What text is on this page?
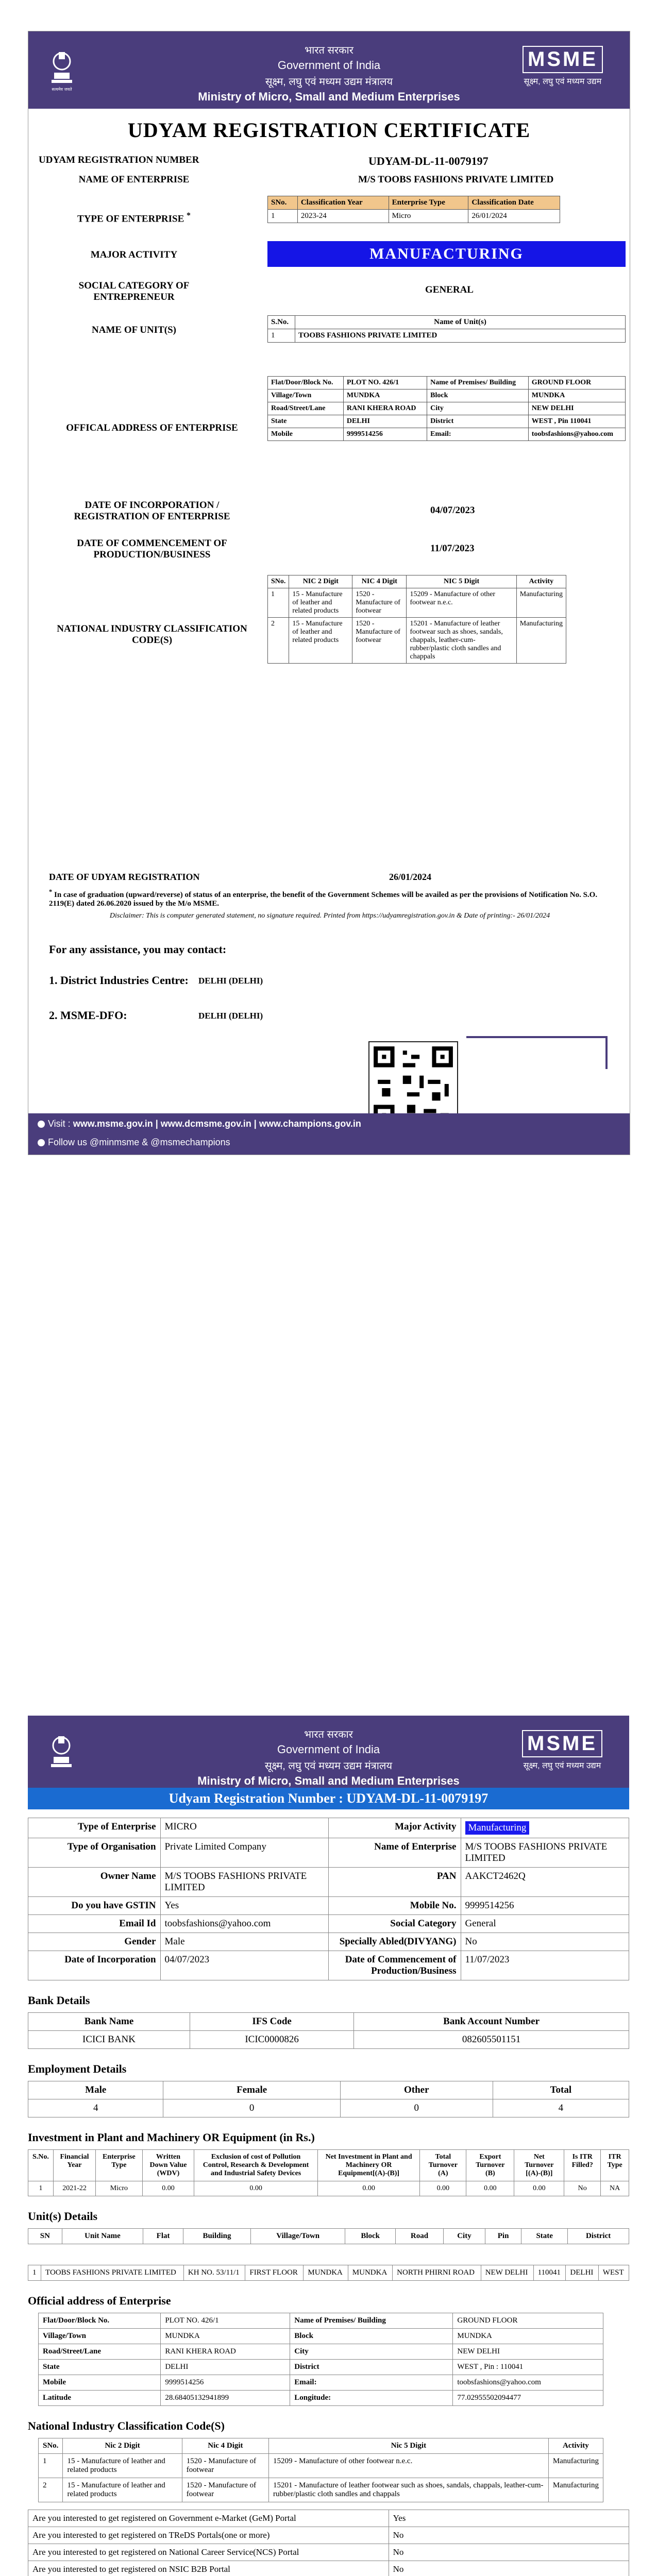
सत्यमेव जयते
भारत सरकार
Government of India
सूक्ष्म, लघु एवं मध्यम उद्यम मंत्रालय
Ministry of Micro, Small and Medium Enterprises
MSME
सूक्ष्म, लघु एवं मध्यम उद्यम
UDYAM REGISTRATION CERTIFICATE
UDYAM REGISTRATION NUMBER	UDYAM-DL-11-0079197
NAME OF ENTERPRISE	M/S TOOBS FASHIONS PRIVATE LIMITED
TYPE OF ENTERPRISE *
SNo.	Classification Year	Enterprise Type	Classification Date
1	2023-24	Micro	26/01/2024
MAJOR ACTIVITY	MANUFACTURING
SOCIAL CATEGORY OF ENTREPRENEUR
GENERAL
NAME OF UNIT(S)
S.No.	Name of Unit(s)
1	TOOBS FASHIONS PRIVATE LIMITED
OFFICAL ADDRESS OF ENTERPRISE
Flat/Door/Block No.	PLOT NO. 426/1	Name of Premises/ Building	GROUND FLOOR
Village/Town	MUNDKA	Block	MUNDKA
Road/Street/Lane	RANI KHERA ROAD	City	NEW DELHI
State	DELHI	District	WEST , Pin 110041
Mobile	9999514256	Email:	toobsfashions@yahoo.com
DATE OF INCORPORATION / REGISTRATION OF ENTERPRISE
04/07/2023
DATE OF COMMENCEMENT OF PRODUCTION/BUSINESS
11/07/2023
NATIONAL INDUSTRY CLASSIFICATION CODE(S)
SNo.	NIC 2 Digit	NIC 4 Digit	NIC 5 Digit	Activity
1	15 - Manufacture of leather and related products	1520 - Manufacture of footwear	15209 - Manufacture of other footwear n.e.c.	Manufacturing
2	15 - Manufacture of leather and related products	1520 - Manufacture of footwear	15201 - Manufacture of leather footwear such as shoes, sandals, chappals, leather-cum-rubber/plastic cloth sandles and chappals	Manufacturing
DATE OF UDYAM REGISTRATION	26/01/2024
* In case of graduation (upward/reverse) of status of an enterprise, the benefit of the Government Schemes will be availed as per the provisions of Notification No. S.O. 2119(E) dated 26.06.2020 issued by the M/o MSME.
Disclaimer: This is computer generated statement, no signature required. Printed from https://udyamregistration.gov.in & Date of printing:- 26/01/2024
For any assistance, you may contact:
1. District Industries Centre: DELHI (DELHI)
2. MSME-DFO:	DELHI (DELHI)
Visit : www.msme.gov.in | www.dcmsme.gov.in | www.champions.gov.in
Follow us @minmsme & @msmechampions
भारत सरकार
Government of India
सूक्ष्म, लघु एवं मध्यम उद्यम मंत्रालय
Ministry of Micro, Small and Medium Enterprises
MSME
सूक्ष्म, लघु एवं मध्यम उद्यम
Udyam Registration Number : UDYAM-DL-11-0079197
Type of Enterprise	MICRO	Major Activity	Manufacturing
Type of Organisation	Private Limited Company	Name of Enterprise	M/S TOOBS FASHIONS PRIVATE LIMITED
Owner Name	M/S TOOBS FASHIONS PRIVATE LIMITED	PAN	AAKCT2462Q
Do you have GSTIN	Yes	Mobile No.	9999514256
Email Id	toobsfashions@yahoo.com	Social Category	General
Gender	Male	Specially Abled(DIVYANG)	No
Date of Incorporation	04/07/2023	Date of Commencement of Production/Business	11/07/2023
Bank Details
Bank Name	IFS Code	Bank Account Number
ICICI BANK	ICIC0000826	082605501151
Employment Details
Male	Female	Other	Total
4	0	0	4
Investment in Plant and Machinery OR Equipment (in Rs.)
S.No.	Financial Year	Enterprise Type	Written Down Value (WDV)	Exclusion of cost of Pollution Control, Research & Development and Industrial Safety Devices	Net Investment in Plant and Machinery OR Equipment[(A)-(B)]	Total Turnover (A)	Export Turnover (B)	Net Turnover [(A)-(B)]	Is ITR Filled?	ITR Type
1	2021-22	Micro	0.00	0.00	0.00	0.00	0.00	0.00	No	NA
Unit(s) Details
SN	Unit Name	Flat	Building	Village/Town	Block	Road	City	Pin	State	District
1	TOOBS FASHIONS PRIVATE LIMITED	KH NO. 53/11/1	FIRST FLOOR	MUNDKA	MUNDKA	NORTH PHIRNI ROAD	NEW DELHI	110041	DELHI	WEST
Official address of Enterprise
Flat/Door/Block No.	PLOT NO. 426/1	Name of Premises/ Building	GROUND FLOOR
Village/Town	MUNDKA	Block	MUNDKA
Road/Street/Lane	RANI KHERA ROAD	City	NEW DELHI
State	DELHI	District	WEST , Pin : 110041
Mobile	9999514256	Email:	toobsfashions@yahoo.com
Latitude	28.68405132941899	Longitude:	77.02955502094477
National Industry Classification Code(S)
SNo.	Nic 2 Digit	Nic 4 Digit	Nic 5 Digit	Activity
1	15 - Manufacture of leather and related products	1520 - Manufacture of footwear	15209 - Manufacture of other footwear n.e.c.	Manufacturing
2	15 - Manufacture of leather and related products	1520 - Manufacture of footwear	15201 - Manufacture of leather footwear such as shoes, sandals, chappals, leather-cum-rubber/plastic cloth sandles and chappals	Manufacturing
Are you interested to get registered on Government e-Market (GeM) Portal	Yes
Are you interested to get registered on TReDS Portals(one or more)	No
Are you interested to get registered on National Career Service(NCS) Portal	No
Are you interested to get registered on NSIC B2B Portal	No
